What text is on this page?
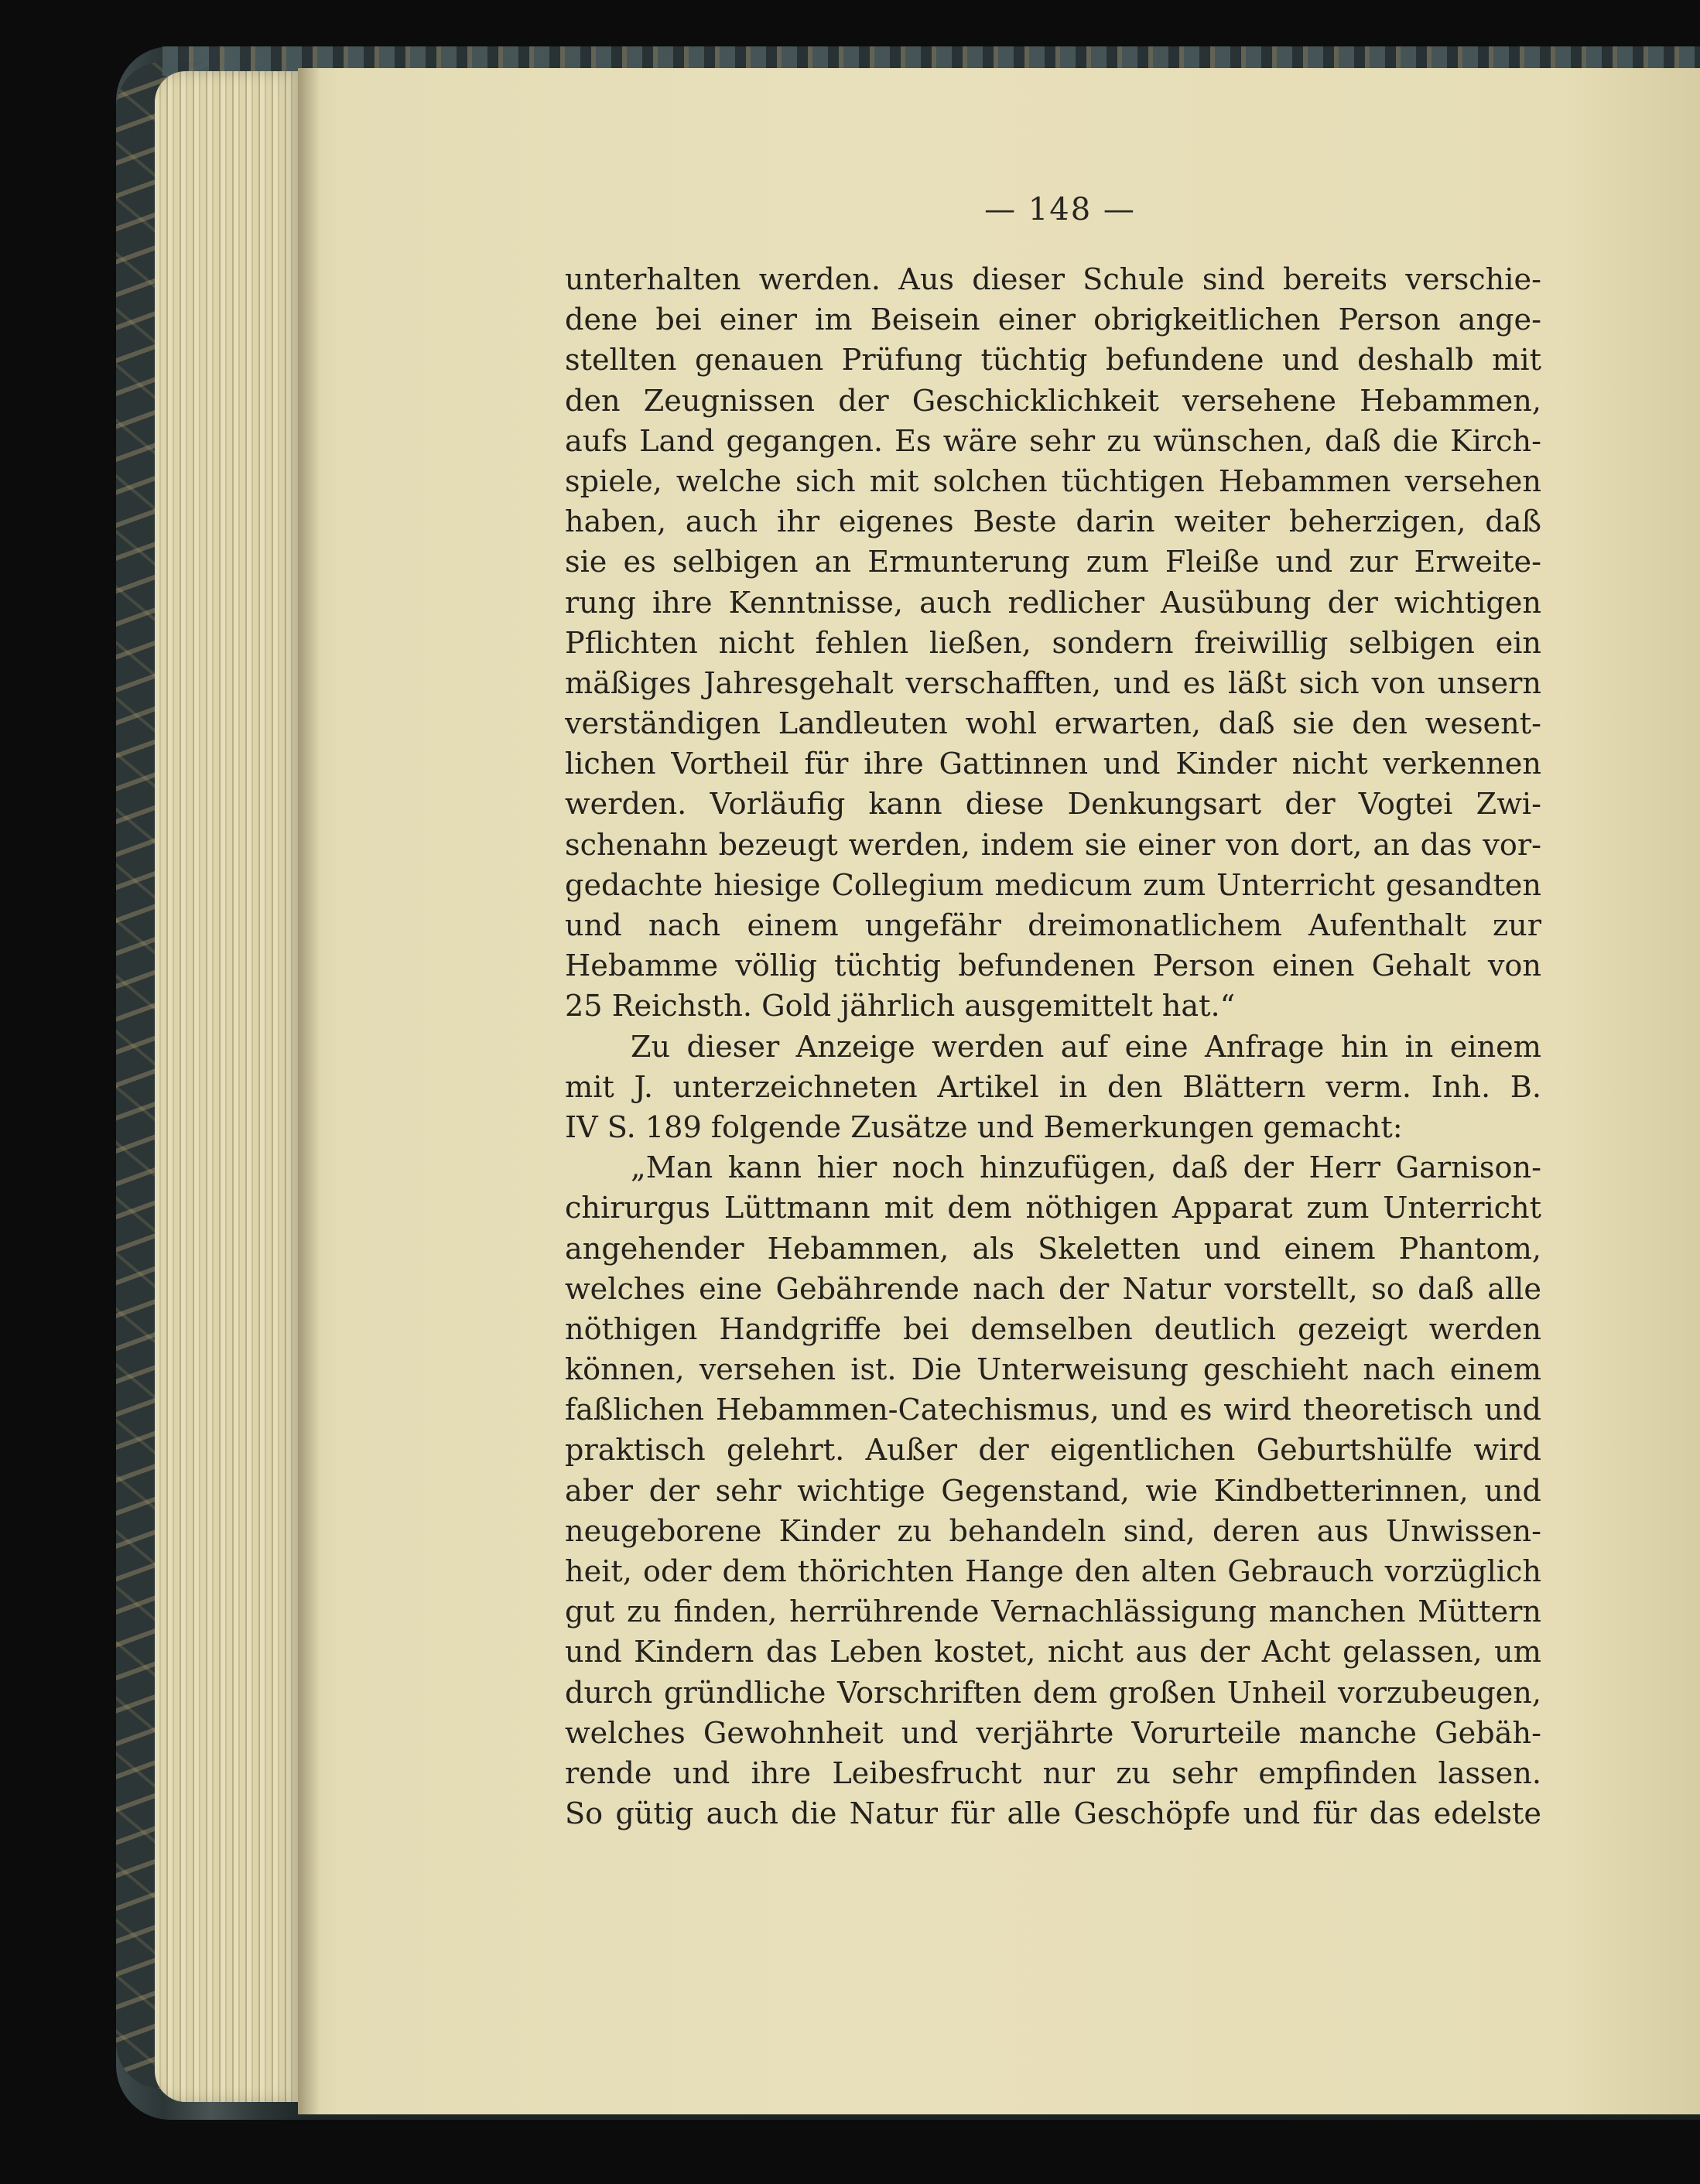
— 148 —
unterhalten werden. Aus dieser Schule sind bereits verschie-
dene bei einer im Beisein einer obrigkeitlichen Person ange-
stellten genauen Prüfung tüchtig befundene und deshalb mit
den Zeugnissen der Geschicklichkeit versehene Hebammen,
aufs Land gegangen. Es wäre sehr zu wünschen, daß die Kirch-
spiele, welche sich mit solchen tüchtigen Hebammen versehen
haben, auch ihr eigenes Beste darin weiter beherzigen, daß
sie es selbigen an Ermunterung zum Fleiße und zur Erweite-
rung ihre Kenntnisse, auch redlicher Ausübung der wichtigen
Pflichten nicht fehlen ließen, sondern freiwillig selbigen ein
mäßiges Jahresgehalt verschafften, und es läßt sich von unsern
verständigen Landleuten wohl erwarten, daß sie den wesent-
lichen Vortheil für ihre Gattinnen und Kinder nicht verkennen
werden. Vorläufig kann diese Denkungsart der Vogtei Zwi-
schenahn bezeugt werden, indem sie einer von dort, an das vor-
gedachte hiesige Collegium medicum zum Unterricht gesandten
und nach einem ungefähr dreimonatlichem Aufenthalt zur
Hebamme völlig tüchtig befundenen Person einen Gehalt von
25 Reichsth. Gold jährlich ausgemittelt hat.“
Zu dieser Anzeige werden auf eine Anfrage hin in einem
mit J. unterzeichneten Artikel in den Blättern verm. Inh. B.
IV S. 189 folgende Zusätze und Bemerkungen gemacht:
„Man kann hier noch hinzufügen, daß der Herr Garnison-
chirurgus Lüttmann mit dem nöthigen Apparat zum Unterricht
angehender Hebammen, als Skeletten und einem Phantom,
welches eine Gebährende nach der Natur vorstellt, so daß alle
nöthigen Handgriffe bei demselben deutlich gezeigt werden
können, versehen ist. Die Unterweisung geschieht nach einem
faßlichen Hebammen-Catechismus, und es wird theoretisch und
praktisch gelehrt. Außer der eigentlichen Geburtshülfe wird
aber der sehr wichtige Gegenstand, wie Kindbetterinnen, und
neugeborene Kinder zu behandeln sind, deren aus Unwissen-
heit, oder dem thörichten Hange den alten Gebrauch vorzüglich
gut zu finden, herrührende Vernachlässigung manchen Müttern
und Kindern das Leben kostet, nicht aus der Acht gelassen, um
durch gründliche Vorschriften dem großen Unheil vorzubeugen,
welches Gewohnheit und verjährte Vorurteile manche Gebäh-
rende und ihre Leibesfrucht nur zu sehr empfinden lassen.
So gütig auch die Natur für alle Geschöpfe und für das edelste
